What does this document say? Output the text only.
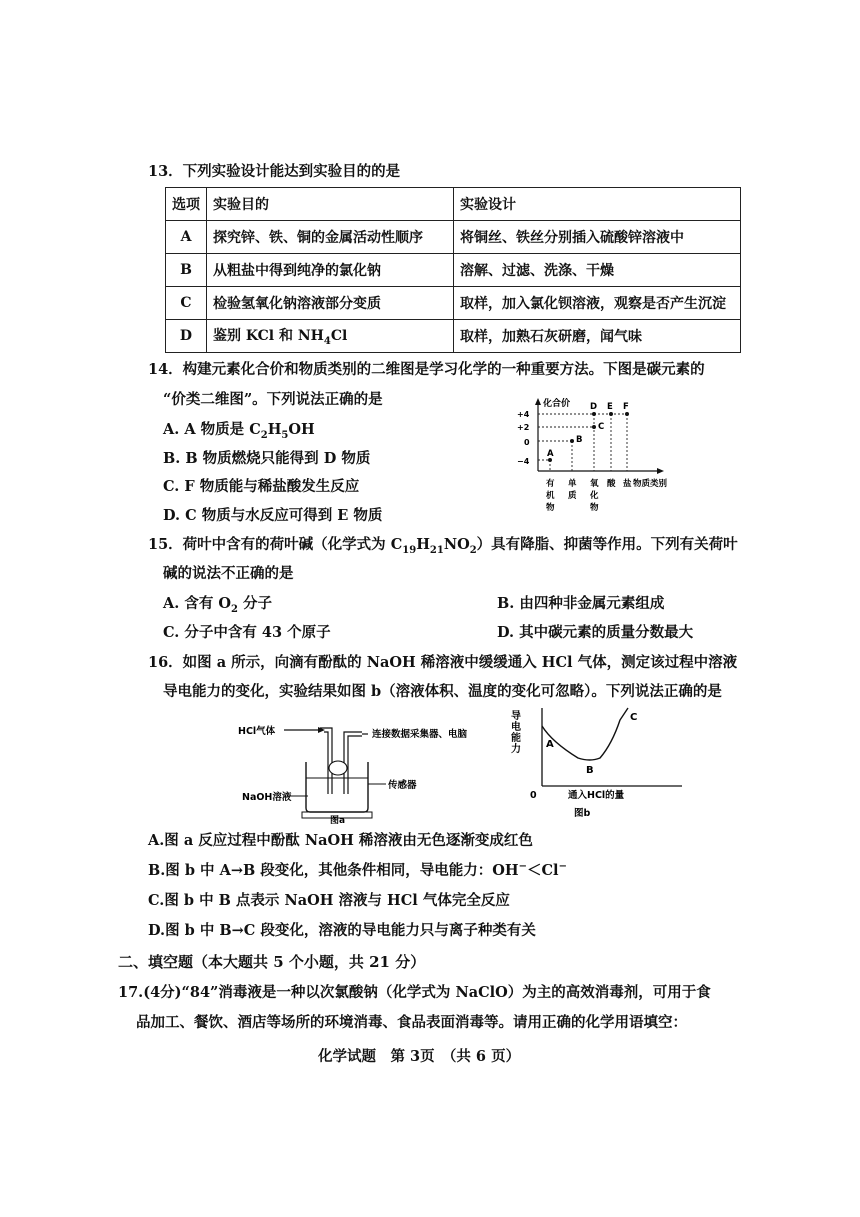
13．下列实验设计能达到实验目的的是
选项	实验目的	实验设计
A	探究锌、铁、铜的金属活动性顺序	将铜丝、铁丝分别插入硫酸锌溶液中
B	从粗盐中得到纯净的氯化钠	溶解、过滤、洗涤、干燥
C	检验氢氧化钠溶液部分变质	取样，加入氯化钡溶液，观察是否产生沉淀
D	鉴别 KCl 和 $NH_4Cl$	取样，加熟石灰研磨，闻气味
14．构建元素化合价和物质类别的二维图是学习化学的一种重要方法。下图是碳元素的
“价类二维图”。下列说法正确的是
A. A 物质是 $C_2H_5OH$
B. B 物质燃烧只能得到 D 物质
C. F 物质能与稀盐酸发生反应
D. C 物质与水反应可得到 E 物质
化合价
+4
+2
0
−4
A
B
C
D E F
有
机
物
单
质
氧
化
物
酸 盐 物质类别
15．荷叶中含有的荷叶碱（化学式为 $C_{19}H_{21}NO_2$）具有降脂、抑菌等作用。下列有关荷叶
碱的说法不正确的是
A. 含有 $O_2$ 分子	B. 由四种非金属元素组成
C. 分子中含有 43 个原子	D. 其中碳元素的质量分数最大
16．如图 a 所示，向滴有酚酞的 NaOH 稀溶液中缓缓通入 HCl 气体，测定该过程中溶液
导电能力的变化，实验结果如图 b（溶液体积、温度的变化可忽略）。下列说法正确的是
HCl气体	连接数据采集器、电脑
传感器
NaOH溶液
图a
导电能力	A
B
C
0	通入HCl的量
图b
A.图 a 反应过程中酚酞 NaOH 稀溶液由无色逐渐变成红色
B.图 b 中 A→B 段变化，其他条件相同，导电能力：OH−＜Cl−
C.图 b 中 B 点表示 NaOH 溶液与 HCl 气体完全反应
D.图 b 中 B→C 段变化，溶液的导电能力只与离子种类有关
二、填空题（本大题共 5 个小题，共 21 分）
17.(4分)“84”消毒液是一种以次氯酸钠（化学式为 NaClO）为主的高效消毒剂，可用于食
品加工、餐饮、酒店等场所的环境消毒、食品表面消毒等。请用正确的化学用语填空：
化学试题　第 3页　（共 6 页）
